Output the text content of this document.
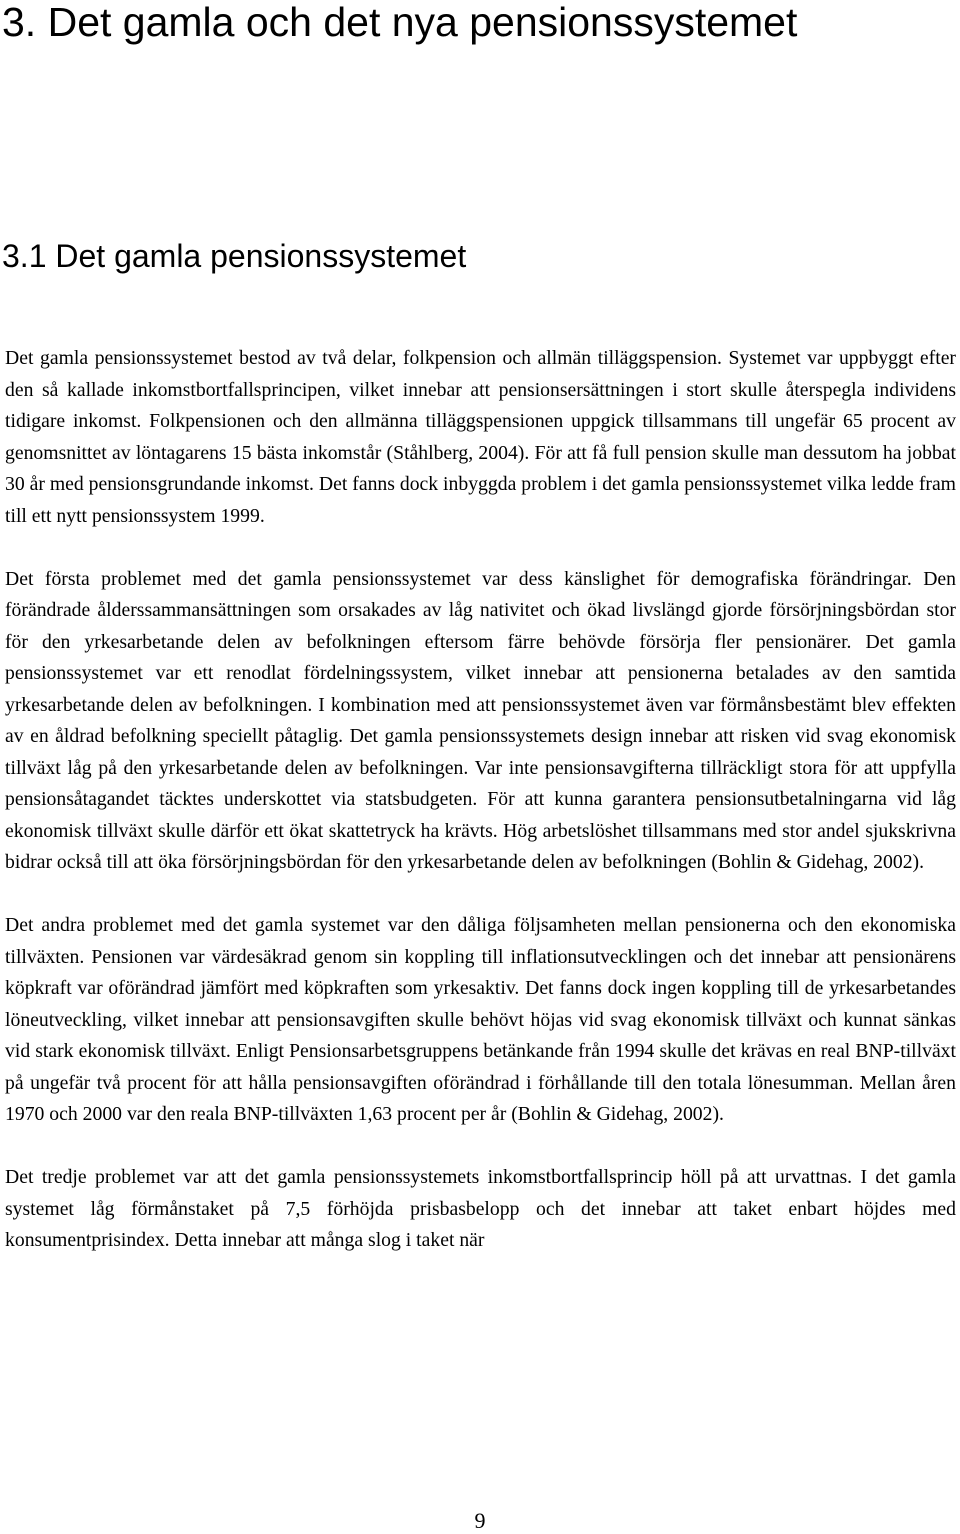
3. Det gamla och det nya pensionssystemet
3.1 Det gamla pensionssystemet

Det gamla pensionssystemet bestod av två delar, folkpension och allmän tilläggspension. Systemet var uppbyggt efter den så kallade inkomstbortfallsprincipen, vilket innebar att pensionsersättningen i stort skulle återspegla individens tidigare inkomst. Folkpensionen och den allmänna tilläggspensionen uppgick tillsammans till ungefär 65 procent av genomsnittet av löntagarens 15 bästa inkomstår (Ståhlberg, 2004). För att få full pension skulle man dessutom ha jobbat 30 år med pensionsgrundande inkomst. Det fanns dock inbyggda problem i det gamla pensionssystemet vilka ledde fram till ett nytt pensionssystem 1999.

Det första problemet med det gamla pensionssystemet var dess känslighet för demografiska förändringar. Den förändrade ålderssammansättningen som orsakades av låg nativitet och ökad livslängd gjorde försörjningsbördan stor för den yrkesarbetande delen av befolkningen eftersom färre behövde försörja fler pensionärer. Det gamla pensionssystemet var ett renodlat fördelningssystem, vilket innebar att pensionerna betalades av den samtida yrkesarbetande delen av befolkningen. I kombination med att pensionssystemet även var förmånsbestämt blev effekten av en åldrad befolkning speciellt påtaglig. Det gamla pensionssystemets design innebar att risken vid svag ekonomisk tillväxt låg på den yrkesarbetande delen av befolkningen. Var inte pensionsavgifterna tillräckligt stora för att uppfylla pensionsåtagandet täcktes underskottet via statsbudgeten. För att kunna garantera pensionsutbetalningarna vid låg ekonomisk tillväxt skulle därför ett ökat skattetryck ha krävts. Hög arbetslöshet tillsammans med stor andel sjukskrivna bidrar också till att öka försörjningsbördan för den yrkesarbetande delen av befolkningen (Bohlin & Gidehag, 2002).

Det andra problemet med det gamla systemet var den dåliga följsamheten mellan pensionerna och den ekonomiska tillväxten. Pensionen var värdesäkrad genom sin koppling till inflationsutvecklingen och det innebar att pensionärens köpkraft var oförändrad jämfört med köpkraften som yrkesaktiv. Det fanns dock ingen koppling till de yrkesarbetandes löneutveckling, vilket innebar att pensionsavgiften skulle behövt höjas vid svag ekonomisk tillväxt och kunnat sänkas vid stark ekonomisk tillväxt. Enligt Pensionsarbetsgruppens betänkande från 1994 skulle det krävas en real BNP-tillväxt på ungefär två procent för att hålla pensionsavgiften oförändrad i förhållande till den totala lönesumman. Mellan åren 1970 och 2000 var den reala BNP-tillväxten 1,63 procent per år (Bohlin & Gidehag, 2002).

Det tredje problemet var att det gamla pensionssystemets inkomstbortfallsprincip höll på att urvattnas. I det gamla systemet låg förmånstaket på 7,5 förhöjda prisbasbelopp och det innebar att taket enbart höjdes med konsumentprisindex. Detta innebar att många slog i taket när

9
